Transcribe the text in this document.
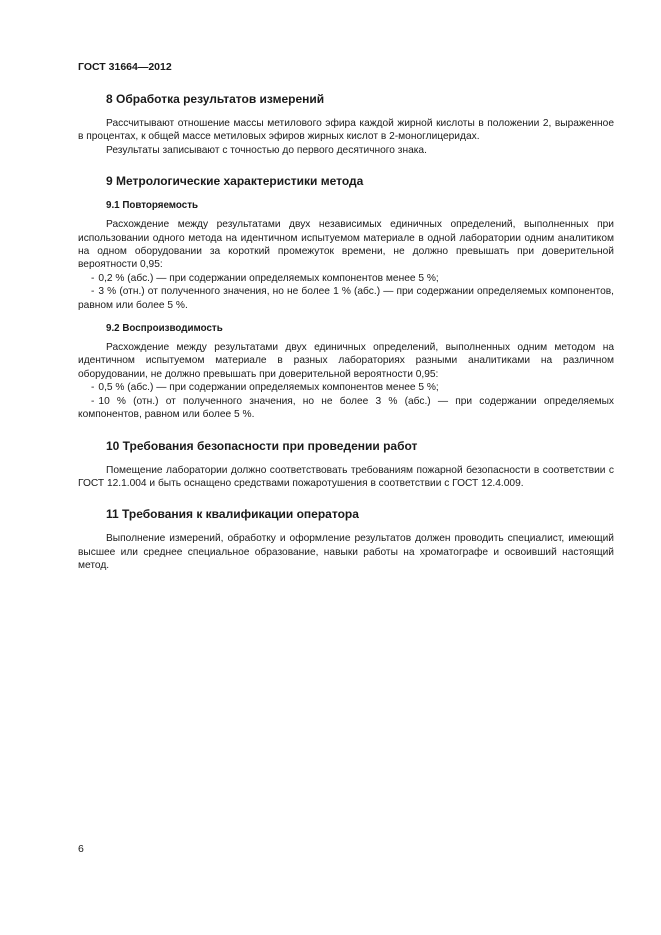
ГОСТ 31664—2012
8 Обработка результатов измерений

Рассчитывают отношение массы метилового эфира каждой жирной кислоты в положении 2, выраженное в процентах, к общей массе метиловых эфиров жирных кислот в 2-моноглицеридах.

Результаты записывают с точностью до первого десятичного знака.

9 Метрологические характеристики метода
9.1 Повторяемость

Расхождение между результатами двух независимых единичных определений, выполненных при использовании одного метода на идентичном испытуемом материале в одной лаборатории одним аналитиком на одном оборудовании за короткий промежуток времени, не должно превышать при доверительной вероятности 0,95:

- 0,2 % (абс.) — при содержании определяемых компонентов менее 5 %;
- 3 % (отн.) от полученного значения, но не более 1 % (абс.) — при содержании определяемых компонентов, равном или более 5 %.
9.2 Воспроизводимость

Расхождение между результатами двух единичных определений, выполненных одним методом на идентичном испытуемом материале в разных лабораториях разными аналитиками на различном оборудовании, не должно превышать при доверительной вероятности 0,95:

- 0,5 % (абс.) — при содержании определяемых компонентов менее 5 %;
- 10 % (отн.) от полученного значения, но не более 3 % (абс.) — при содержании определяемых компонентов, равном или более 5 %.
10 Требования безопасности при проведении работ

Помещение лаборатории должно соответствовать требованиям пожарной безопасности в соответствии с ГОСТ 12.1.004 и быть оснащено средствами пожаротушения в соответствии с ГОСТ 12.4.009.

11 Требования к квалификации оператора

Выполнение измерений, обработку и оформление результатов должен проводить специалист, имеющий высшее или среднее специальное образование, навыки работы на хроматографе и освоивший настоящий метод.

6
